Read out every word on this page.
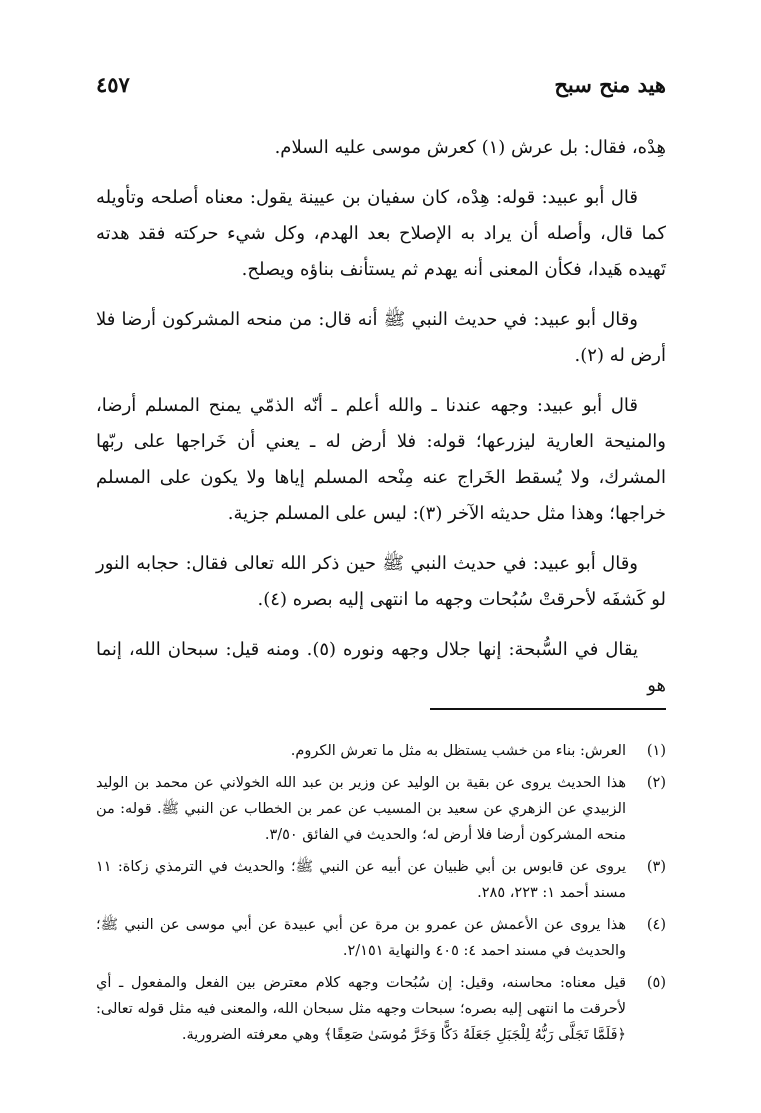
هيد منح سبح
٤٥٧

هِدْه، فقال: بل عرش (١) كعرش موسى عليه السلام.

قال أبو عبيد: قوله: هِدْه، كان سفيان بن عيينة يقول: معناه أصلحه وتأويله كما قال، وأصله أن يراد به الإصلاح بعد الهدم، وكل شيء حركته فقد هدته تَهيده هَيدا، فكأن المعنى أنه يهدم ثم يستأنف بناؤه ويصلح.

وقال أبو عبيد: في حديث النبي ﷺ أنه قال: من منحه المشركون أرضا فلا أرض له (٢).

قال أبو عبيد: وجهه عندنا ـ والله أعلم ـ أنّه الذمّي يمنح المسلم أرضا، والمنيحة العارية ليزرعها؛ قوله: فلا أرض له ـ يعني أن خَراجها على ربّها المشرك، ولا يُسقط الخَراج عنه مِنْحه المسلم إياها ولا يكون على المسلم خراجها؛ وهذا مثل حديثه الآخر (٣): ليس على المسلم جزية.

وقال أبو عبيد: في حديث النبي ﷺ حين ذكر الله تعالى فقال: حجابه النور لو كَشفَه لأحرقتْ سُبُحات وجهه ما انتهى إليه بصره (٤).

يقال في السُّبحة: إنها جلال وجهه ونوره (٥). ومنه قيل: سبحان الله، إنما هو

(١)
العرش: بناء من خشب يستظل به مثل ما تعرش الكروم.
(٢)
هذا الحديث يروى عن بقية بن الوليد عن وزير بن عبد الله الخولاني عن محمد بن الوليد الزبيدي عن الزهري عن سعيد بن المسيب عن عمر بن الخطاب عن النبي ﷺ. قوله: من منحه المشركون أرضا فلا أرض له؛ والحديث في الفائق ٣/٥٠.
(٣)
يروى عن قابوس بن أبي ظبيان عن أبيه عن النبي ﷺ؛ والحديث في الترمذي زكاة: ١١ مسند أحمد ١: ٢٢٣، ٢٨٥.
(٤)
هذا يروى عن الأعمش عن عمرو بن مرة عن أبي عبيدة عن أبي موسى عن النبي ﷺ؛ والحديث في مسند احمد ٤: ٤٠٥ والنهاية ٢/١٥١.
(٥)
قيل معناه: محاسنه، وقيل: إن سُبُحات وجهه كلام معترض بين الفعل والمفعول ـ أي لأحرقت ما انتهى إليه بصره؛ سبحات وجهه مثل سبحان الله، والمعنى فيه مثل قوله تعالى: ﴿فَلَمَّا تَجَلَّى رَبُّهُ لِلْجَبَلِ جَعَلَهُ دَكًّا وَخَرَّ مُوسَىٰ صَعِقًا﴾ وهي معرفته الضرورية.
